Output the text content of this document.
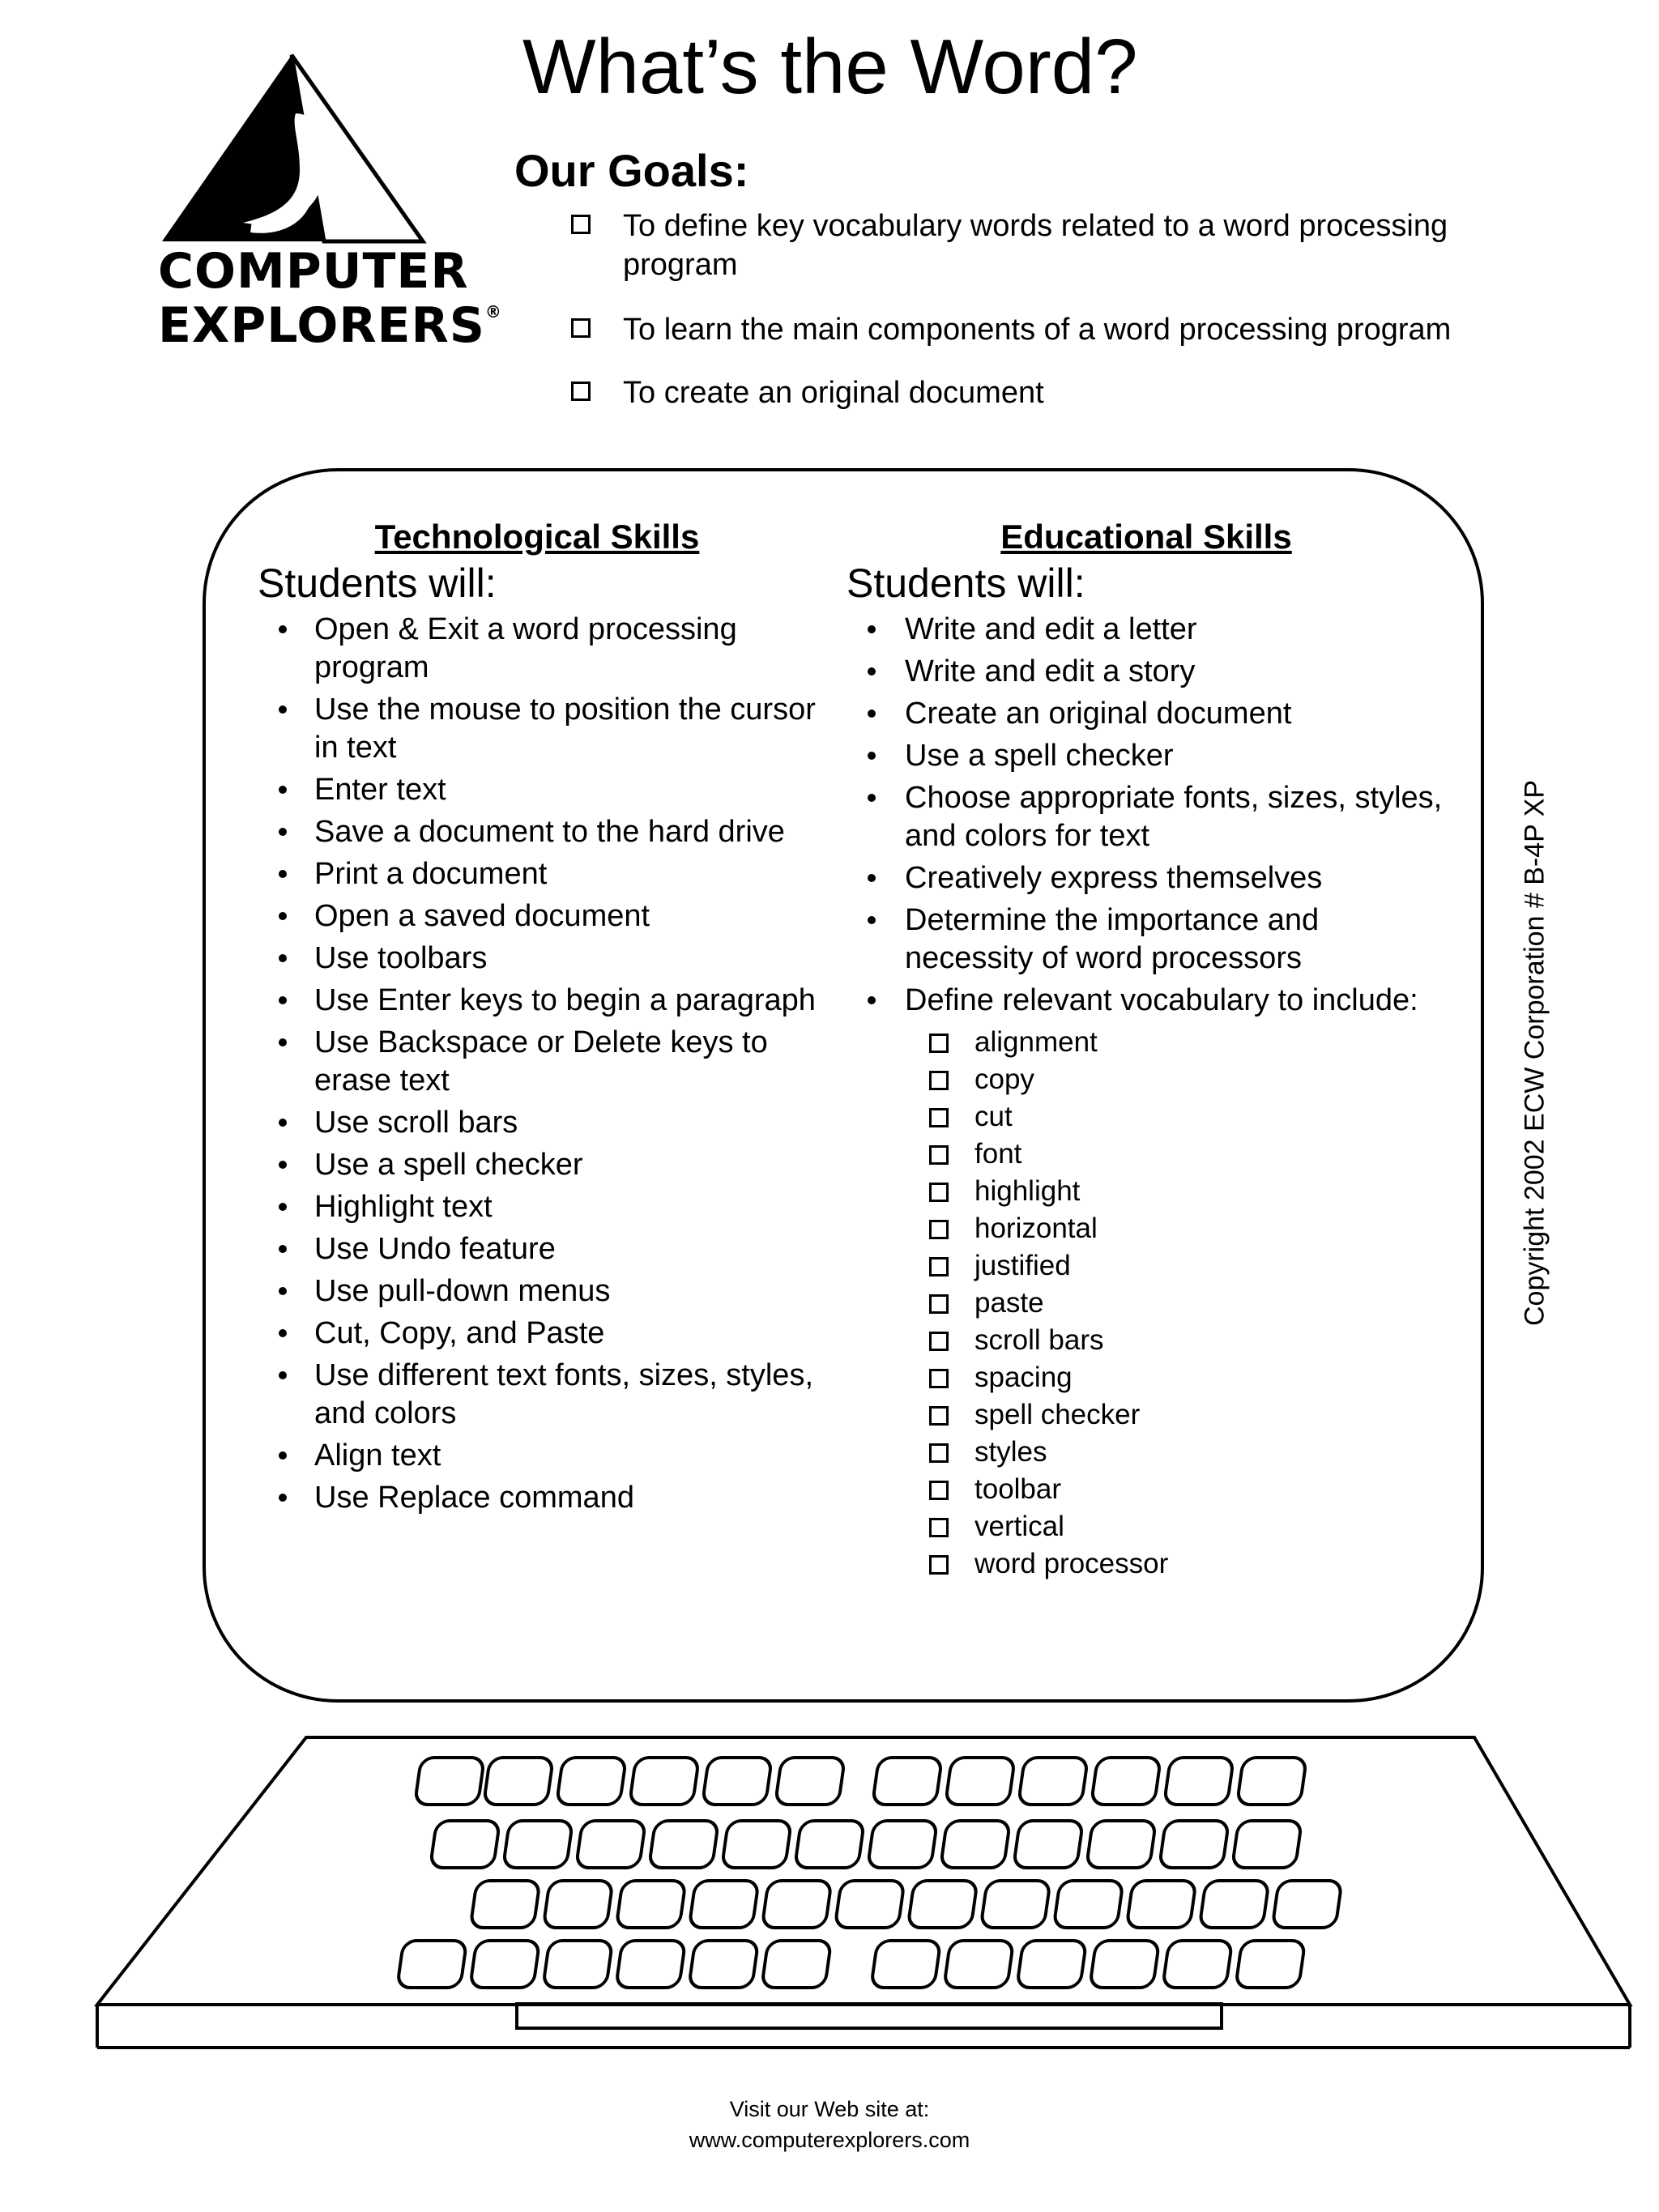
COMPUTER
EXPLORERS®
What’s the Word?
Our Goals:
To define key vocabulary words related to a word processing program
To learn the main components of a word processing program
To create an original document
Technological Skills
Students will:
Open & Exit a word processing program
Use the mouse to position the cursor in text
Enter text
Save a document to the hard drive
Print a document
Open a saved document
Use toolbars
Use Enter keys to begin a paragraph
Use Backspace or Delete keys to erase text
Use scroll bars
Use a spell checker
Highlight text
Use Undo feature
Use pull-down menus
Cut, Copy, and Paste
Use different text fonts, sizes, styles, and colors
Align text
Use Replace command
Educational Skills
Students will:
Write and edit a letter
Write and edit a story
Create an original document
Use a spell checker
Choose appropriate fonts, sizes, styles, and colors for text
Creatively express themselves
Determine the importance and necessity of word processors
Define relevant vocabulary to include:
alignment
copy
cut
font
highlight
horizontal
justified
paste
scroll bars
spacing
spell checker
styles
toolbar
vertical
word processor
Copyright 2002 ECW Corporation # B-4P XP
Visit our Web site at:
www.computerexplorers.com
